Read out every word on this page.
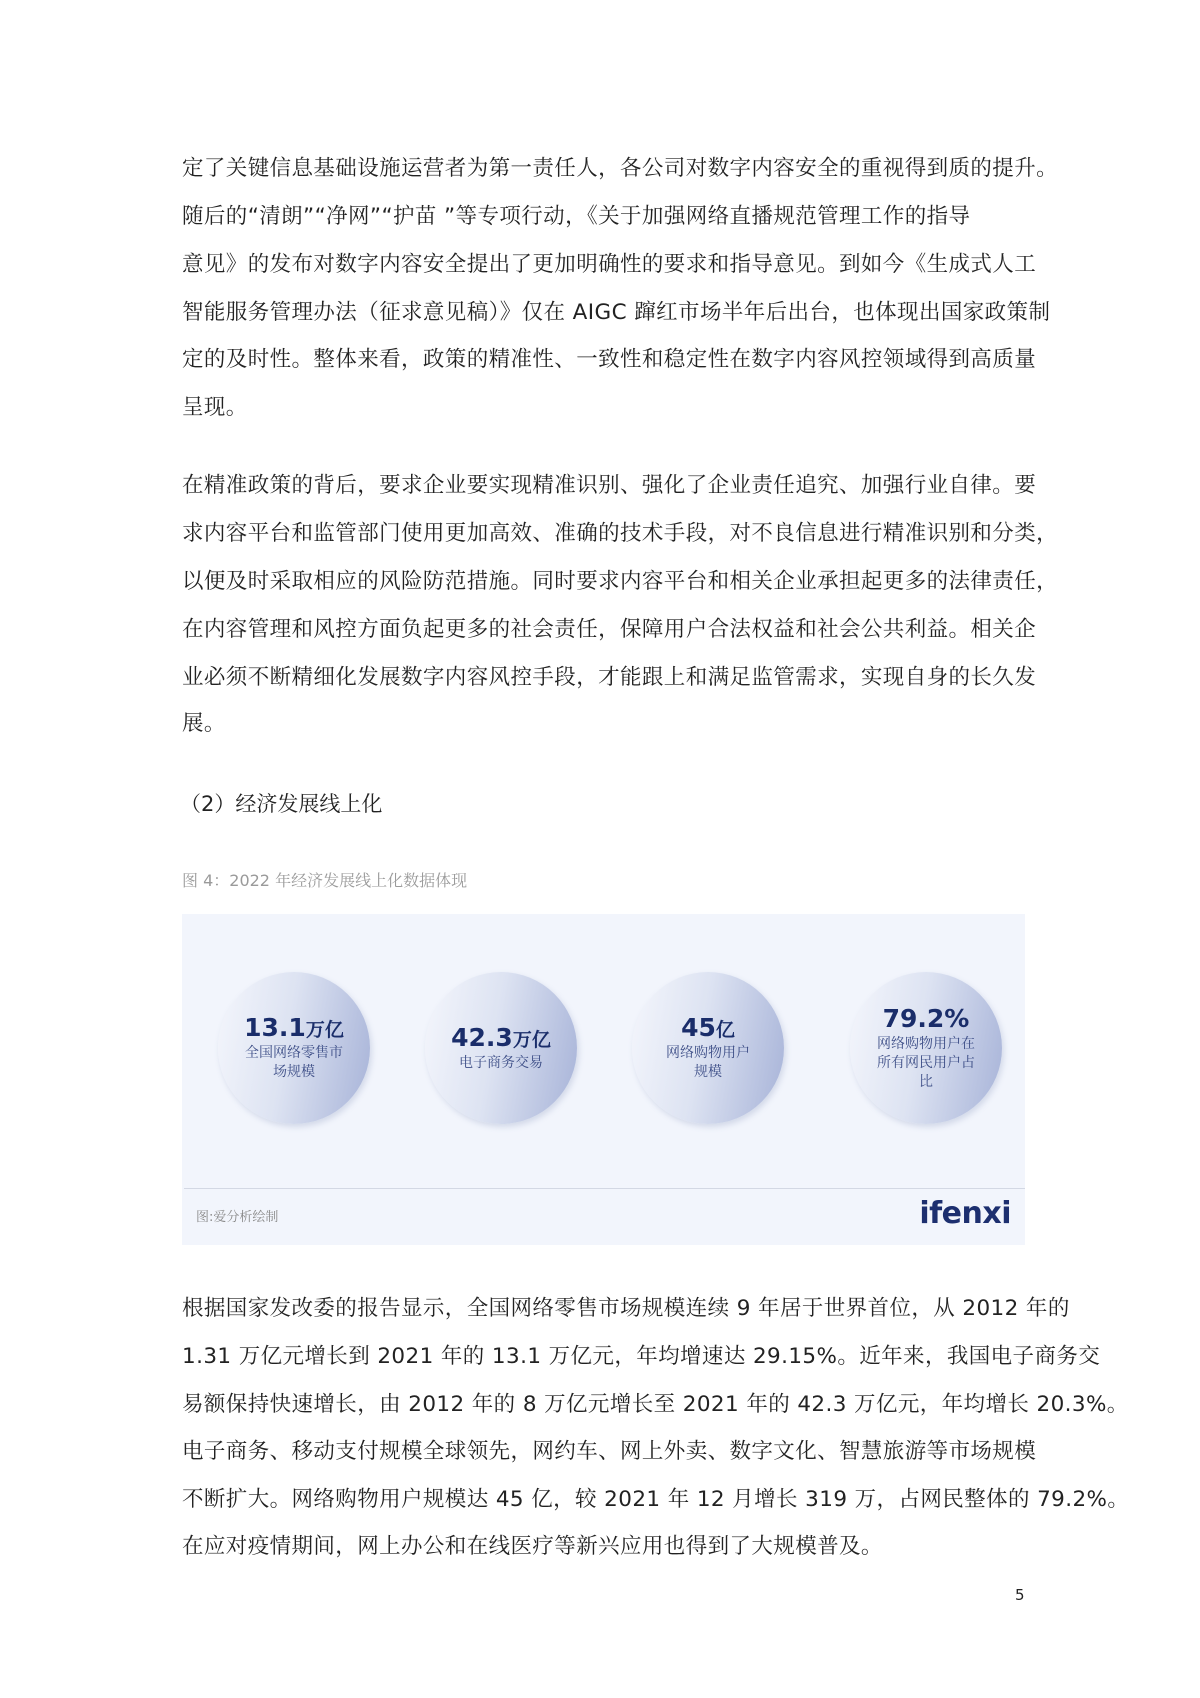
定了关键信息基础设施运营者为第一责任人，各公司对数字内容安全的重视得到质的提升。
随后的“清朗”“净网”“护苗 ”等专项行动，《关于加强网络直播规范管理工作的指导
意见》的发布对数字内容安全提出了更加明确性的要求和指导意见。到如今《生成式人工
智能服务管理办法（征求意见稿）》仅在 AIGC 蹿红市场半年后出台，也体现出国家政策制
定的及时性。整体来看，政策的精准性、一致性和稳定性在数字内容风控领域得到高质量
呈现。
在精准政策的背后，要求企业要实现精准识别、强化了企业责任追究、加强行业自律。要
求内容平台和监管部门使用更加高效、准确的技术手段，对不良信息进行精准识别和分类，
以便及时采取相应的风险防范措施。同时要求内容平台和相关企业承担起更多的法律责任，
在内容管理和风控方面负起更多的社会责任，保障用户合法权益和社会公共利益。相关企
业必须不断精细化发展数字内容风控手段，才能跟上和满足监管需求，实现自身的长久发
展。
（2）经济发展线上化
图 4：2022 年经济发展线上化数据体现
13.1万亿
全国网络零售市场规模
42.3万亿
电子商务交易
45亿
网络购物用户规模
79.2%
网络购物用户在所有网民用户占比
图:爱分析绘制	ifenxi
根据国家发改委的报告显示，全国网络零售市场规模连续 9 年居于世界首位，从 2012 年的
1.31 万亿元增长到 2021 年的 13.1 万亿元，年均增速达 29.15%。近年来，我国电子商务交
易额保持快速增长，由 2012 年的 8 万亿元增长至 2021 年的 42.3 万亿元，年均增长 20.3%。
电子商务、移动支付规模全球领先，网约车、网上外卖、数字文化、智慧旅游等市场规模
不断扩大。网络购物用户规模达 45 亿，较 2021 年 12 月增长 319 万，占网民整体的 79.2%。
在应对疫情期间，网上办公和在线医疗等新兴应用也得到了大规模普及。
5
